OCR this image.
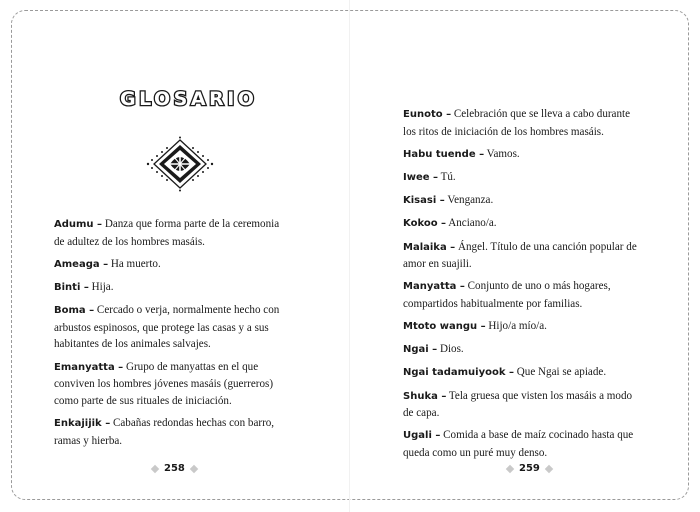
GLOSARIO
Adumu – Danza que forma parte de la ceremonia de adultez de los hombres masáis.
Ameaga – Ha muerto.
Binti – Hija.
Boma – Cercado o verja, normalmente hecho con arbustos espinosos, que protege las casas y a sus habitantes de los animales salvajes.
Emanyatta – Grupo de manyattas en el que conviven los hombres jóvenes masáis (guerreros) como parte de sus rituales de iniciación.
Enkajijik – Cabañas redondas hechas con barro, ramas y hierba.
Eunoto – Celebración que se lleva a cabo durante los ritos de iniciación de los hombres masáis.
Habu tuende – Vamos.
Iwee – Tú.
Kisasi – Venganza.
Kokoo – Anciano/a.
Malaika – Ángel. Título de una canción popular de amor en suajili.
Manyatta – Conjunto de uno o más hogares, compartidos habitualmente por familias.
Mtoto wangu – Hijo/a mío/a.
Ngai – Dios.
Ngai tadamuiyook – Que Ngai se apiade.
Shuka – Tela gruesa que visten los masáis a modo de capa.
Ugali – Comida a base de maíz cocinado hasta que queda como un puré muy denso.
258	259
